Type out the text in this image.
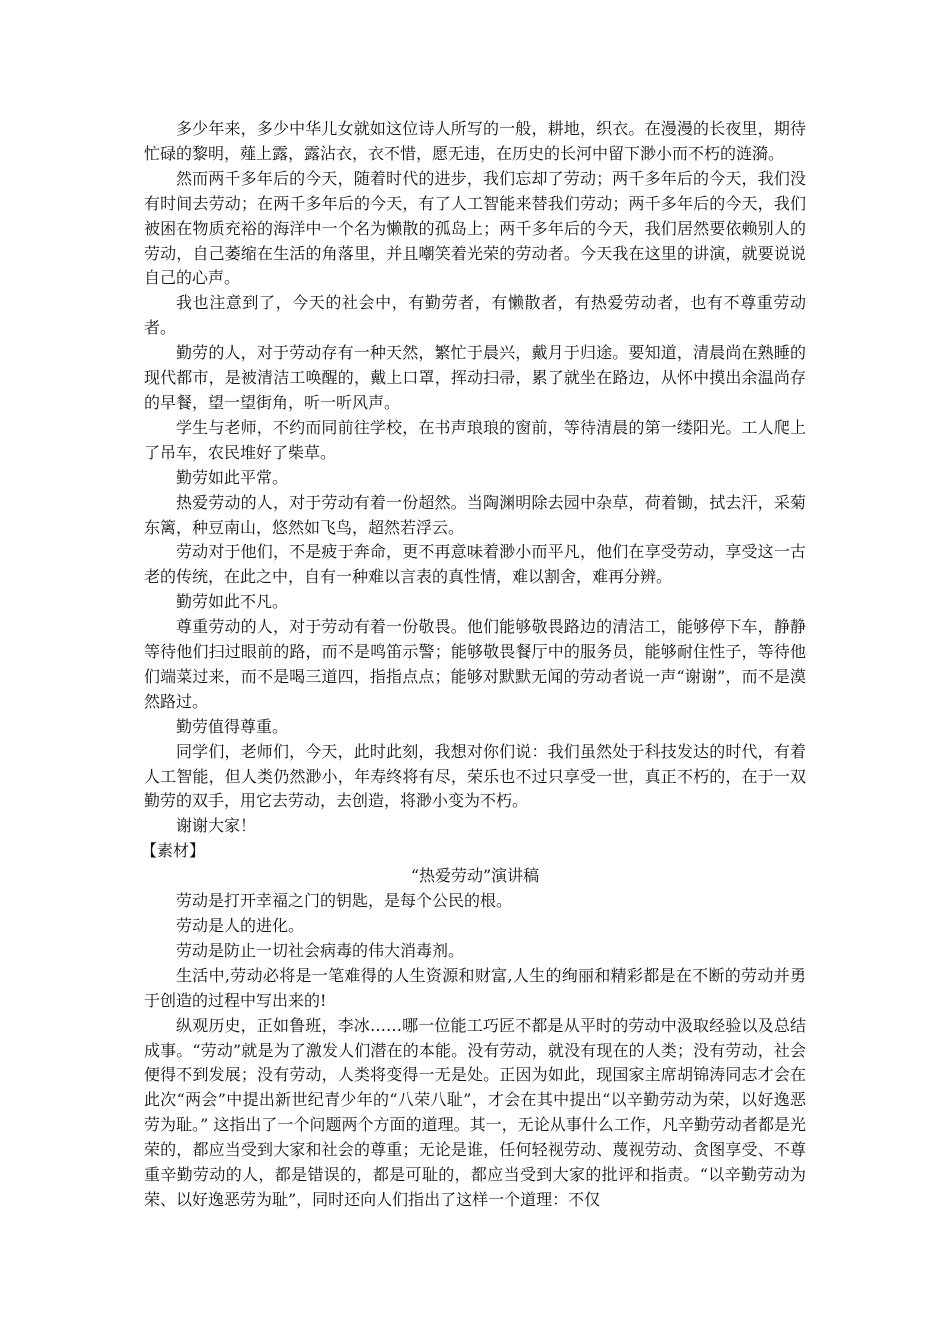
多少年来，多少中华儿女就如这位诗人所写的一般，耕地，织衣。在漫漫的长夜里，期待忙碌的黎明，薤上露，露沾衣，衣不惜，愿无违，在历史的长河中留下渺小而不朽的涟漪。

然而两千多年后的今天，随着时代的进步，我们忘却了劳动；两千多年后的今天，我们没有时间去劳动；在两千多年后的今天，有了人工智能来替我们劳动；两千多年后的今天，我们被困在物质充裕的海洋中一个名为懒散的孤岛上；两千多年后的今天，我们居然要依赖别人的劳动，自己萎缩在生活的角落里，并且嘲笑着光荣的劳动者。今天我在这里的讲演，就要说说自己的心声。

我也注意到了，今天的社会中，有勤劳者，有懒散者，有热爱劳动者，也有不尊重劳动者。

勤劳的人，对于劳动存有一种天然，繁忙于晨兴，戴月于归途。要知道，清晨尚在熟睡的现代都市，是被清洁工唤醒的，戴上口罩，挥动扫帚，累了就坐在路边，从怀中摸出余温尚存的早餐，望一望街角，听一听风声。

学生与老师，不约而同前往学校，在书声琅琅的窗前，等待清晨的第一缕阳光。工人爬上了吊车，农民堆好了柴草。

勤劳如此平常。

热爱劳动的人，对于劳动有着一份超然。当陶渊明除去园中杂草，荷着锄，拭去汗，采菊东篱，种豆南山，悠然如飞鸟，超然若浮云。

劳动对于他们，不是疲于奔命，更不再意味着渺小而平凡，他们在享受劳动，享受这一古老的传统，在此之中，自有一种难以言表的真性情，难以割舍，难再分辨。

勤劳如此不凡。

尊重劳动的人，对于劳动有着一份敬畏。他们能够敬畏路边的清洁工，能够停下车，静静等待他们扫过眼前的路，而不是鸣笛示警；能够敬畏餐厅中的服务员，能够耐住性子，等待他们端菜过来，而不是喝三道四，指指点点；能够对默默无闻的劳动者说一声“谢谢”，而不是漠然路过。

勤劳值得尊重。

同学们，老师们，今天，此时此刻，我想对你们说：我们虽然处于科技发达的时代，有着人工智能，但人类仍然渺小，年寿终将有尽，荣乐也不过只享受一世，真正不朽的，在于一双勤劳的双手，用它去劳动，去创造，将渺小变为不朽。

谢谢大家！

【素材】

“热爱劳动”演讲稿

劳动是打开幸福之门的钥匙，是每个公民的根。

劳动是人的进化。

劳动是防止一切社会病毒的伟大消毒剂。

生活中,劳动必将是一笔难得的人生资源和财富,人生的绚丽和精彩都是在不断的劳动并勇于创造的过程中写出来的!

纵观历史，正如鲁班，李冰……哪一位能工巧匠不都是从平时的劳动中汲取经验以及总结成事。“劳动”就是为了激发人们潜在的本能。没有劳动，就没有现在的人类；没有劳动，社会便得不到发展；没有劳动，人类将变得一无是处。正因为如此，现国家主席胡锦涛同志才会在此次“两会”中提出新世纪青少年的“八荣八耻”，才会在其中提出“以辛勤劳动为荣，以好逸恶劳为耻。” 这指出了一个问题两个方面的道理。其一，无论从事什么工作，凡辛勤劳动者都是光荣的，都应当受到大家和社会的尊重；无论是谁，任何轻视劳动、蔑视劳动、贪图享受、不尊重辛勤劳动的人，都是错误的，都是可耻的，都应当受到大家的批评和指责。“以辛勤劳动为荣、以好逸恶劳为耻”，同时还向人们指出了这样一个道理：不仅
